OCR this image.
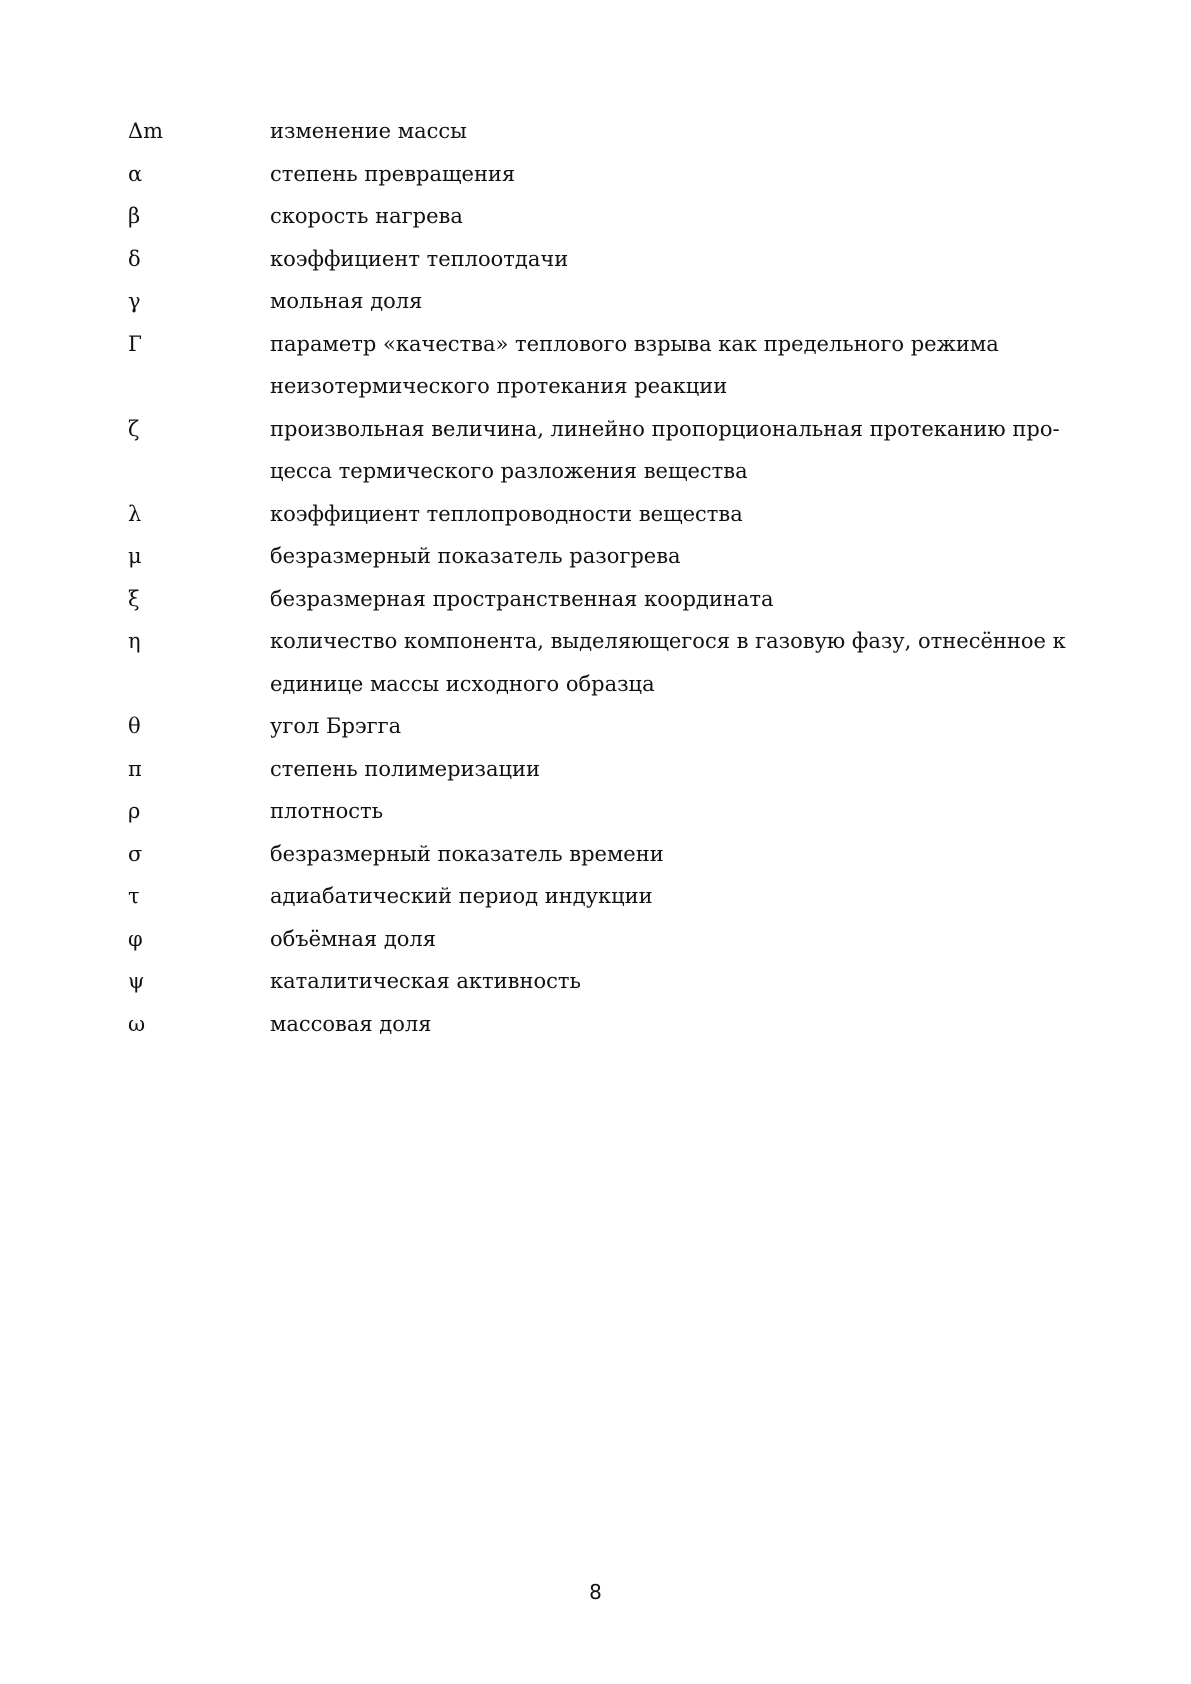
Δm	изменение массы
α	степень превращения
β	скорость нагрева
δ	коэффициент теплоотдачи
γ	мольная доля
Г	параметр «качества» теплового взрыва как предельного режима
неизотермического протекания реакции
ζ	произвольная величина, линейно пропорциональная протеканию про-
цесса термического разложения вещества
λ	коэффициент теплопроводности вещества
μ	безразмерный показатель разогрева
ξ	безразмерная пространственная координата
η	количество компонента, выделяющегося в газовую фазу, отнесённое к
единице массы исходного образца
θ	угол Брэгга
π	степень полимеризации
ρ	плотность
σ	безразмерный показатель времени
τ	адиабатический период индукции
φ	объёмная доля
ψ	каталитическая активность
ω	массовая доля
8
